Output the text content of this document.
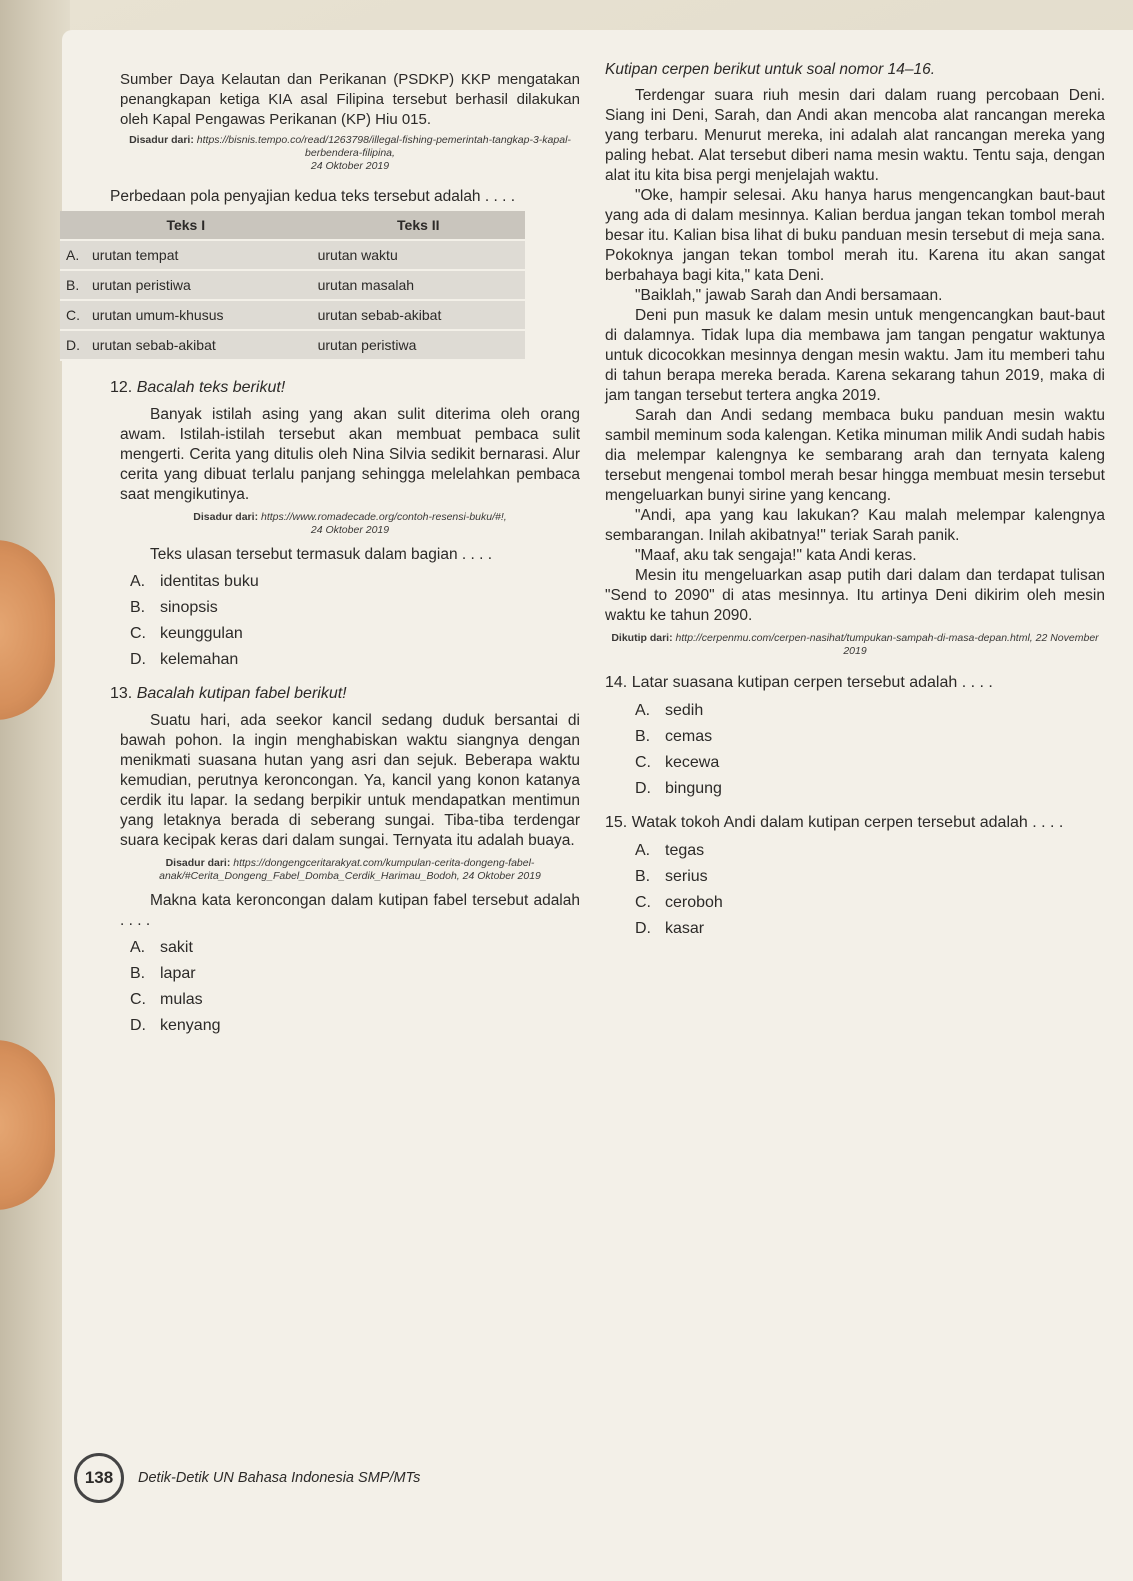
Sumber Daya Kelautan dan Perikanan (PSDKP) KKP mengatakan penangkapan ketiga KIA asal Filipina tersebut berhasil dilakukan oleh Kapal Pengawas Perikanan (KP) Hiu 015.

Disadur dari: https://bisnis.tempo.co/read/1263798/illegal-fishing-pemerintah-tangkap-3-kapal-berbendera-filipina,
24 Oktober 2019

Perbedaan pola penyajian kedua teks tersebut adalah . . . .

Teks I		Teks II
A.	urutan tempat	urutan waktu
B.	urutan peristiwa	urutan masalah
C.	urutan umum-khusus	urutan sebab-akibat
D.	urutan sebab-akibat	urutan peristiwa
12. Bacalah teks berikut!

Banyak istilah asing yang akan sulit diterima oleh orang awam. Istilah-istilah tersebut akan membuat pembaca sulit mengerti. Cerita yang ditulis oleh Nina Silvia sedikit bernarasi. Alur cerita yang dibuat terlalu panjang sehingga melelahkan pembaca saat mengikutinya.

Disadur dari: https://www.romadecade.org/contoh-resensi-buku/#!,
24 Oktober 2019

Teks ulasan tersebut termasuk dalam bagian . . . .

A. identitas buku
B. sinopsis
C. keunggulan
D. kelemahan
13. Bacalah kutipan fabel berikut!

Suatu hari, ada seekor kancil sedang duduk bersantai di bawah pohon. Ia ingin menghabiskan waktu siangnya dengan menikmati suasana hutan yang asri dan sejuk. Beberapa waktu kemudian, perutnya keroncongan. Ya, kancil yang konon katanya cerdik itu lapar. Ia sedang berpikir untuk mendapatkan mentimun yang letaknya berada di seberang sungai. Tiba-tiba terdengar suara kecipak keras dari dalam sungai. Ternyata itu adalah buaya.

Disadur dari: https://dongengceritarakyat.com/kumpulan-cerita-dongeng-fabel-anak/#Cerita_Dongeng_Fabel_Domba_Cerdik_Harimau_Bodoh, 24 Oktober 2019

Makna kata keroncongan dalam kutipan fabel tersebut adalah . . . .

A. sakit
B. lapar
C. mulas
D. kenyang

Kutipan cerpen berikut untuk soal nomor 14–16.

Terdengar suara riuh mesin dari dalam ruang percobaan Deni. Siang ini Deni, Sarah, dan Andi akan mencoba alat rancangan mereka yang terbaru. Menurut mereka, ini adalah alat rancangan mereka yang paling hebat. Alat tersebut diberi nama mesin waktu. Tentu saja, dengan alat itu kita bisa pergi menjelajah waktu.

"Oke, hampir selesai. Aku hanya harus mengencangkan baut-baut yang ada di dalam mesinnya. Kalian berdua jangan tekan tombol merah besar itu. Kalian bisa lihat di buku panduan mesin tersebut di meja sana. Pokoknya jangan tekan tombol merah itu. Karena itu akan sangat berbahaya bagi kita," kata Deni.

"Baiklah," jawab Sarah dan Andi bersamaan.

Deni pun masuk ke dalam mesin untuk mengencangkan baut-baut di dalamnya. Tidak lupa dia membawa jam tangan pengatur waktunya untuk dicocokkan mesinnya dengan mesin waktu. Jam itu memberi tahu di tahun berapa mereka berada. Karena sekarang tahun 2019, maka di jam tangan tersebut tertera angka 2019.

Sarah dan Andi sedang membaca buku panduan mesin waktu sambil meminum soda kalengan. Ketika minuman milik Andi sudah habis dia melempar kalengnya ke sembarang arah dan ternyata kaleng tersebut mengenai tombol merah besar hingga membuat mesin tersebut mengeluarkan bunyi sirine yang kencang.

"Andi, apa yang kau lakukan? Kau malah melempar kalengnya sembarangan. Inilah akibatnya!" teriak Sarah panik.

"Maaf, aku tak sengaja!" kata Andi keras.

Mesin itu mengeluarkan asap putih dari dalam dan terdapat tulisan "Send to 2090" di atas mesinnya. Itu artinya Deni dikirim oleh mesin waktu ke tahun 2090.

Dikutip dari: http://cerpenmu.com/cerpen-nasihat/tumpukan-sampah-di-masa-depan.html, 22 November 2019
14. Latar suasana kutipan cerpen tersebut adalah . . . .
A. sedih
B. cemas
C. kecewa
D. bingung
15. Watak tokoh Andi dalam kutipan cerpen tersebut adalah . . . .
A. tegas
B. serius
C. ceroboh
D. kasar
138	Detik-Detik UN Bahasa Indonesia SMP/MTs
